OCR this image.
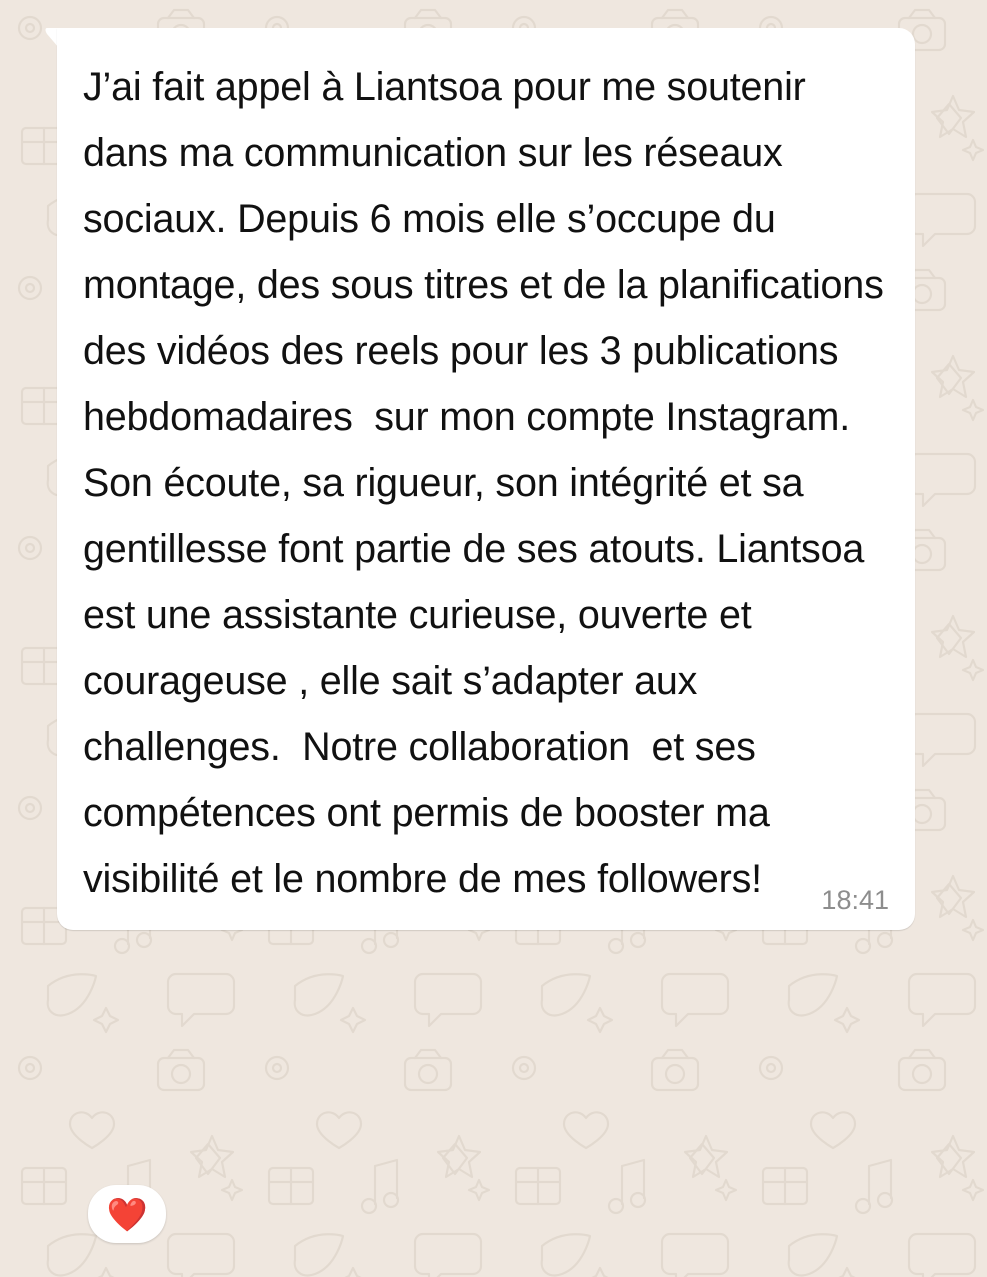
J’ai fait appel à Liantsoa pour me soutenir dans ma communication sur les réseaux sociaux. Depuis 6 mois elle s’occupe du montage, des sous titres et de la planifications des vidéos des reels pour les 3 publications hebdomadaires  sur mon compte Instagram. Son écoute, sa rigueur, son intégrité et sa gentillesse font partie de ses atouts. Liantsoa est une assistante curieuse, ouverte et courageuse , elle sait s’adapter aux challenges.  Notre collaboration  et ses compétences ont permis de booster ma visibilité et le nombre de mes followers!	18:41
❤️
